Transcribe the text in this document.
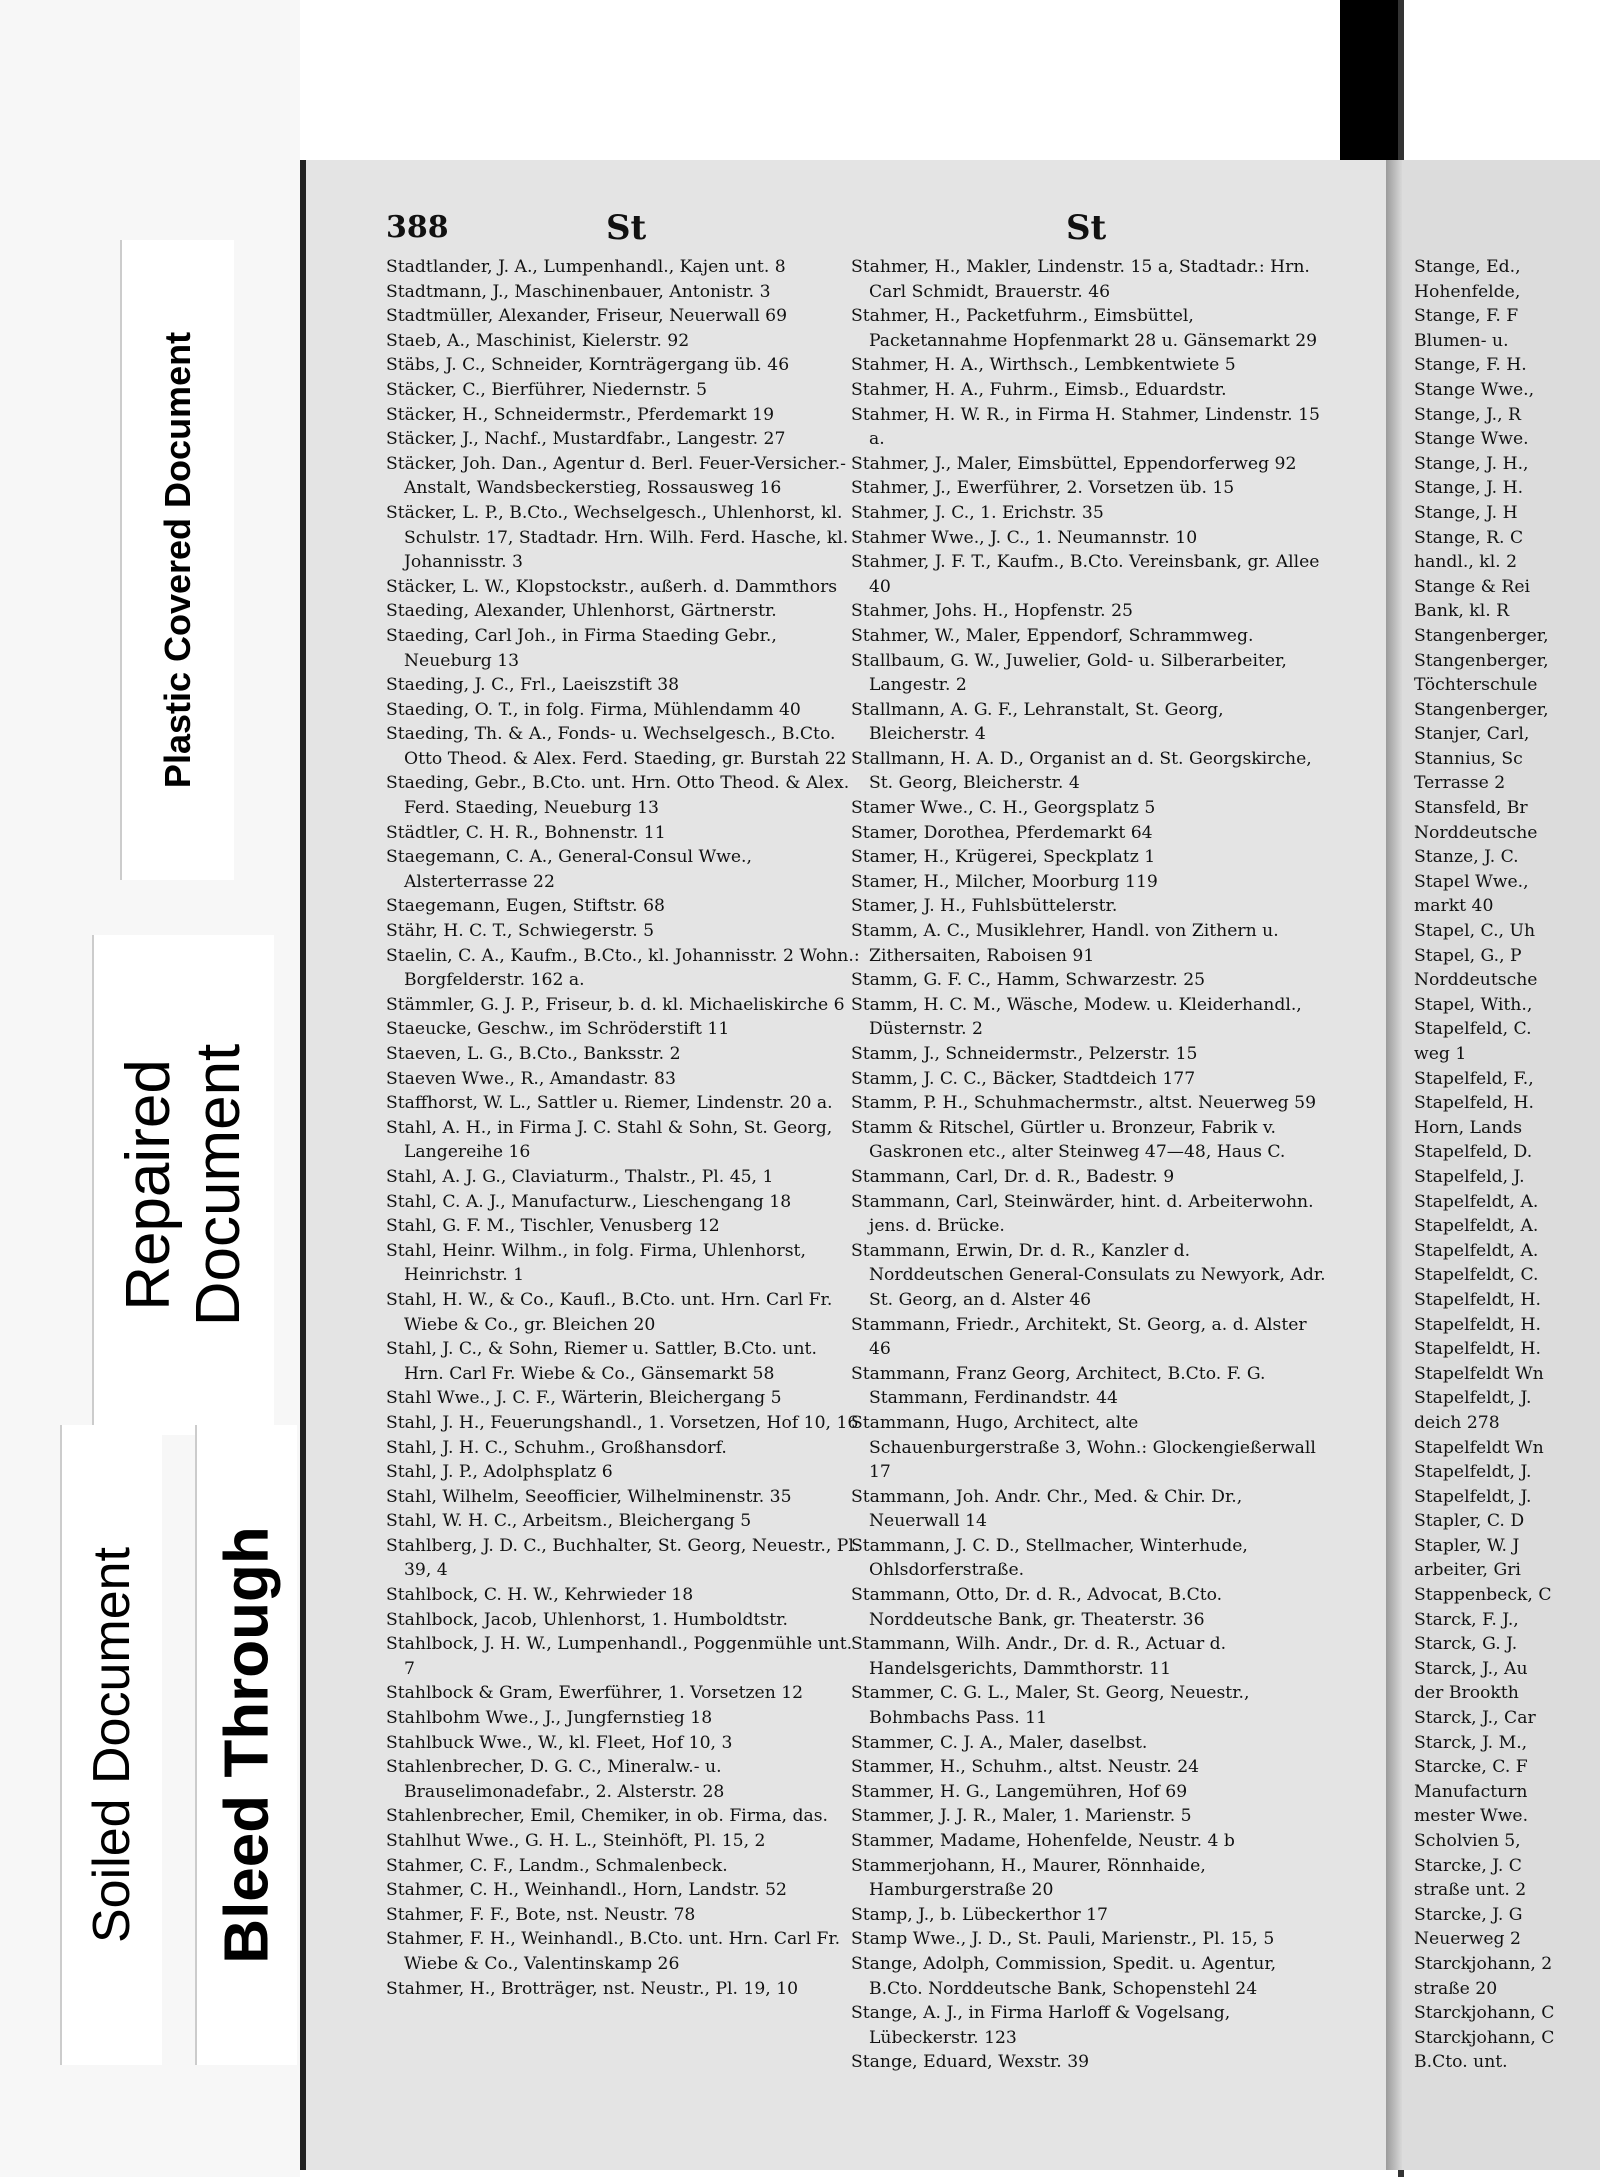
Plastic Covered Document
Repaired Document
Soiled Document Bleed Through
388	St	St
Stadtlander, J. A., Lumpenhandl., Kajen unt. 8
Stadtmann, J., Maschinenbauer, Antonistr. 3
Stadtmüller, Alexander, Friseur, Neuerwall 69
Staeb, A., Maschinist, Kielerstr. 92
Stäbs, J. C., Schneider, Kornträgergang üb. 46
Stäcker, C., Bierführer, Niedernstr. 5
Stäcker, H., Schneidermstr., Pferdemarkt 19
Stäcker, J., Nachf., Mustardfabr., Langestr. 27
Stäcker, Joh. Dan., Agentur d. Berl. Feuer-Versicher.-Anstalt, Wandsbeckerstieg, Rossausweg 16
Stäcker, L. P., B.Cto., Wechselgesch., Uhlenhorst, kl. Schulstr. 17, Stadtadr. Hrn. Wilh. Ferd. Hasche, kl. Johannisstr. 3
Stäcker, L. W., Klopstockstr., außerh. d. Dammthors
Staeding, Alexander, Uhlenhorst, Gärtnerstr.
Staeding, Carl Joh., in Firma Staeding Gebr., Neueburg 13
Staeding, J. C., Frl., Laeiszstift 38
Staeding, O. T., in folg. Firma, Mühlendamm 40
Staeding, Th. & A., Fonds- u. Wechselgesch., B.Cto. Otto Theod. & Alex. Ferd. Staeding, gr. Burstah 22
Staeding, Gebr., B.Cto. unt. Hrn. Otto Theod. & Alex. Ferd. Staeding, Neueburg 13
Städtler, C. H. R., Bohnenstr. 11
Staegemann, C. A., General-Consul Wwe., Alsterterrasse 22
Staegemann, Eugen, Stiftstr. 68
Stähr, H. C. T., Schwiegerstr. 5
Staelin, C. A., Kaufm., B.Cto., kl. Johannisstr. 2 Wohn.: Borgfelderstr. 162 a.
Stämmler, G. J. P., Friseur, b. d. kl. Michaeliskirche 6
Staeucke, Geschw., im Schröderstift 11
Staeven, L. G., B.Cto., Banksstr. 2
Staeven Wwe., R., Amandastr. 83
Staffhorst, W. L., Sattler u. Riemer, Lindenstr. 20 a.
Stahl, A. H., in Firma J. C. Stahl & Sohn, St. Georg, Langereihe 16
Stahl, A. J. G., Claviaturm., Thalstr., Pl. 45, 1
Stahl, C. A. J., Manufacturw., Lieschengang 18
Stahl, G. F. M., Tischler, Venusberg 12
Stahl, Heinr. Wilhm., in folg. Firma, Uhlenhorst, Heinrichstr. 1
Stahl, H. W., & Co., Kaufl., B.Cto. unt. Hrn. Carl Fr. Wiebe & Co., gr. Bleichen 20
Stahl, J. C., & Sohn, Riemer u. Sattler, B.Cto. unt. Hrn. Carl Fr. Wiebe & Co., Gänsemarkt 58
Stahl Wwe., J. C. F., Wärterin, Bleichergang 5
Stahl, J. H., Feuerungshandl., 1. Vorsetzen, Hof 10, 16
Stahl, J. H. C., Schuhm., Großhansdorf.
Stahl, J. P., Adolphsplatz 6
Stahl, Wilhelm, Seeofficier, Wilhelminenstr. 35
Stahl, W. H. C., Arbeitsm., Bleichergang 5
Stahlberg, J. D. C., Buchhalter, St. Georg, Neuestr., Pl. 39, 4
Stahlbock, C. H. W., Kehrwieder 18
Stahlbock, Jacob, Uhlenhorst, 1. Humboldtstr.
Stahlbock, J. H. W., Lumpenhandl., Poggenmühle unt. 7
Stahlbock & Gram, Ewerführer, 1. Vorsetzen 12
Stahlbohm Wwe., J., Jungfernstieg 18
Stahlbuck Wwe., W., kl. Fleet, Hof 10, 3
Stahlenbrecher, D. G. C., Mineralw.- u. Brauselimonadefabr., 2. Alsterstr. 28
Stahlenbrecher, Emil, Chemiker, in ob. Firma, das.
Stahlhut Wwe., G. H. L., Steinhöft, Pl. 15, 2
Stahmer, C. F., Landm., Schmalenbeck.
Stahmer, C. H., Weinhandl., Horn, Landstr. 52
Stahmer, F. F., Bote, nst. Neustr. 78
Stahmer, F. H., Weinhandl., B.Cto. unt. Hrn. Carl Fr. Wiebe & Co., Valentinskamp 26
Stahmer, H., Brotträger, nst. Neustr., Pl. 19, 10
Stahmer, H., Makler, Lindenstr. 15 a, Stadtadr.: Hrn. Carl Schmidt, Brauerstr. 46
Stahmer, H., Packetfuhrm., Eimsbüttel, Packetannahme Hopfenmarkt 28 u. Gänsemarkt 29
Stahmer, H. A., Wirthsch., Lembkentwiete 5
Stahmer, H. A., Fuhrm., Eimsb., Eduardstr.
Stahmer, H. W. R., in Firma H. Stahmer, Lindenstr. 15 a.
Stahmer, J., Maler, Eimsbüttel, Eppendorferweg 92
Stahmer, J., Ewerführer, 2. Vorsetzen üb. 15
Stahmer, J. C., 1. Erichstr. 35
Stahmer Wwe., J. C., 1. Neumannstr. 10
Stahmer, J. F. T., Kaufm., B.Cto. Vereinsbank, gr. Allee 40
Stahmer, Johs. H., Hopfenstr. 25
Stahmer, W., Maler, Eppendorf, Schrammweg.
Stallbaum, G. W., Juwelier, Gold- u. Silberarbeiter, Langestr. 2
Stallmann, A. G. F., Lehranstalt, St. Georg, Bleicherstr. 4
Stallmann, H. A. D., Organist an d. St. Georgskirche, St. Georg, Bleicherstr. 4
Stamer Wwe., C. H., Georgsplatz 5
Stamer, Dorothea, Pferdemarkt 64
Stamer, H., Krügerei, Speckplatz 1
Stamer, H., Milcher, Moorburg 119
Stamer, J. H., Fuhlsbüttelerstr.
Stamm, A. C., Musiklehrer, Handl. von Zithern u. Zithersaiten, Raboisen 91
Stamm, G. F. C., Hamm, Schwarzestr. 25
Stamm, H. C. M., Wäsche, Modew. u. Kleiderhandl., Düsternstr. 2
Stamm, J., Schneidermstr., Pelzerstr. 15
Stamm, J. C. C., Bäcker, Stadtdeich 177
Stamm, P. H., Schuhmachermstr., altst. Neuerweg 59
Stamm & Ritschel, Gürtler u. Bronzeur, Fabrik v. Gaskronen etc., alter Steinweg 47—48, Haus C.
Stammann, Carl, Dr. d. R., Badestr. 9
Stammann, Carl, Steinwärder, hint. d. Arbeiterwohn. jens. d. Brücke.
Stammann, Erwin, Dr. d. R., Kanzler d. Norddeutschen General-Consulats zu Newyork, Adr. St. Georg, an d. Alster 46
Stammann, Friedr., Architekt, St. Georg, a. d. Alster 46
Stammann, Franz Georg, Architect, B.Cto. F. G. Stammann, Ferdinandstr. 44
Stammann, Hugo, Architect, alte Schauenburgerstraße 3, Wohn.: Glockengießerwall 17
Stammann, Joh. Andr. Chr., Med. & Chir. Dr., Neuerwall 14
Stammann, J. C. D., Stellmacher, Winterhude, Ohlsdorferstraße.
Stammann, Otto, Dr. d. R., Advocat, B.Cto. Norddeutsche Bank, gr. Theaterstr. 36
Stammann, Wilh. Andr., Dr. d. R., Actuar d. Handelsgerichts, Dammthorstr. 11
Stammer, C. G. L., Maler, St. Georg, Neuestr., Bohmbachs Pass. 11
Stammer, C. J. A., Maler, daselbst.
Stammer, H., Schuhm., altst. Neustr. 24
Stammer, H. G., Langemühren, Hof 69
Stammer, J. J. R., Maler, 1. Marienstr. 5
Stammer, Madame, Hohenfelde, Neustr. 4 b
Stammerjohann, H., Maurer, Rönnhaide, Hamburgerstraße 20
Stamp, J., b. Lübeckerthor 17
Stamp Wwe., J. D., St. Pauli, Marienstr., Pl. 15, 5
Stange, Adolph, Commission, Spedit. u. Agentur, B.Cto. Norddeutsche Bank, Schopenstehl 24
Stange, A. J., in Firma Harloff & Vogelsang, Lübeckerstr. 123
Stange, Eduard, Wexstr. 39
Stange, Ed.,
Hohenfelde,
Stange, F. F
Blumen- u.
Stange, F. H.
Stange Wwe.,
Stange, J., R
Stange Wwe.
Stange, J. H.,
Stange, J. H.
Stange, J. H
Stange, R. C
handl., kl. 2
Stange & Rei
Bank, kl. R
Stangenberger,
Stangenberger,
Töchterschule
Stangenberger,
Stanjer, Carl,
Stannius, Sc
Terrasse 2
Stansfeld, Br
Norddeutsche
Stanze, J. C.
Stapel Wwe.,
markt 40
Stapel, C., Uh
Stapel, G., P
Norddeutsche
Stapel, With.,
Stapelfeld, C.
weg 1
Stapelfeld, F.,
Stapelfeld, H.
Horn, Lands
Stapelfeld, D.
Stapelfeld, J.
Stapelfeldt, A.
Stapelfeldt, A.
Stapelfeldt, A.
Stapelfeldt, C.
Stapelfeldt, H.
Stapelfeldt, H.
Stapelfeldt, H.
Stapelfeldt Wn
Stapelfeldt, J.
deich 278
Stapelfeldt Wn
Stapelfeldt, J.
Stapelfeldt, J.
Stapler, C. D
Stapler, W. J
arbeiter, Gri
Stappenbeck, C
Starck, F. J.,
Starck, G. J.
Starck, J., Au
der Brookth
Starck, J., Car
Starck, J. M.,
Starcke, C. F
Manufacturn
mester Wwe.
Scholvien 5,
Starcke, J. C
straße unt. 2
Starcke, J. G
Neuerweg 2
Starckjohann, 2
straße 20
Starckjohann, C
Starckjohann, C
B.Cto. unt.
